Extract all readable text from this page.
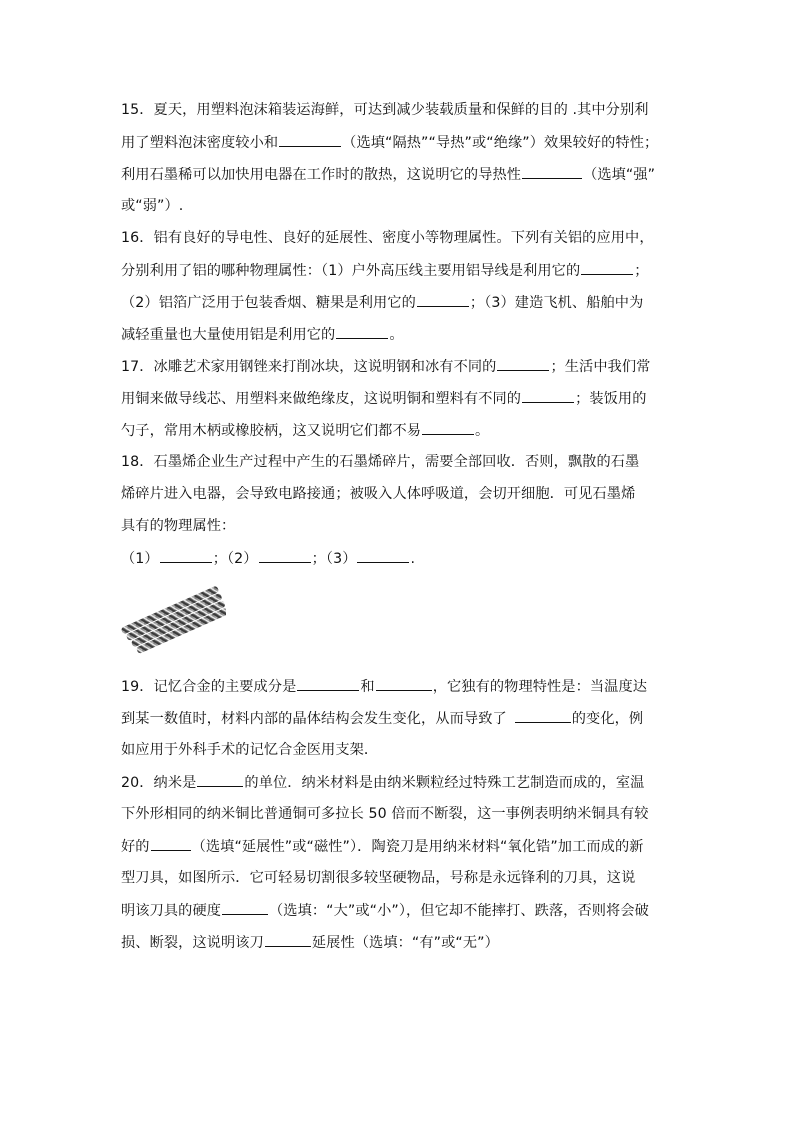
15．夏天，用塑料泡沫箱装运海鲜，可达到减少装载质量和保鲜的目的 .其中分别利
用了塑料泡沫密度较小和	（选填“隔热”“导热”或“绝缘”）效果较好的特性；
利用石墨稀可以加快用电器在工作时的散热，这说明它的导热性	（选填“强”
或“弱”）.
16．铝有良好的导电性、良好的延展性、密度小等物理属性。下列有关铝的应用中，
分别利用了铝的哪种物理属性：（1）户外高压线主要用铝导线是利用它的	；
（2）铝箔广泛用于包装香烟、糖果是利用它的	；（3）建造飞机、船舶中为
减轻重量也大量使用铝是利用它的	。
17．冰雕艺术家用钢锉来打削冰块，这说明钢和冰有不同的	；生活中我们常
用铜来做导线芯、用塑料来做绝缘皮，这说明铜和塑料有不同的	；装饭用的
勺子，常用木柄或橡胶柄，这又说明它们都不易	。
18．石墨烯企业生产过程中产生的石墨烯碎片，需要全部回收．否则，飘散的石墨
烯碎片进入电器，会导致电路接通；被吸入人体呼吸道，会切开细胞．可见石墨烯
具有的物理属性：
（1）	；（2）	；（3）	.
19．记忆合金的主要成分是	和	，它独有的物理特性是：当温度达
到某一数值时，材料内部的晶体结构会发生变化，从而导致了	的变化，例
如应用于外科手术的记忆合金医用支架．
20．纳米是	的单位．纳米材料是由纳米颗粒经过特殊工艺制造而成的，室温
下外形相同的纳米铜比普通铜可多拉长 50 倍而不断裂，这一事例表明纳米铜具有较
好的	（选填“延展性”或“磁性”）．陶瓷刀是用纳米材料“氧化锆”加工而成的新
型刀具，如图所示．它可轻易切割很多较坚硬物品，号称是永远锋利的刀具，这说
明该刀具的硬度	（选填：“大”或“小”），但它却不能摔打、跌落，否则将会破
损、断裂，这说明该刀	延展性（选填：“有”或“无”）
